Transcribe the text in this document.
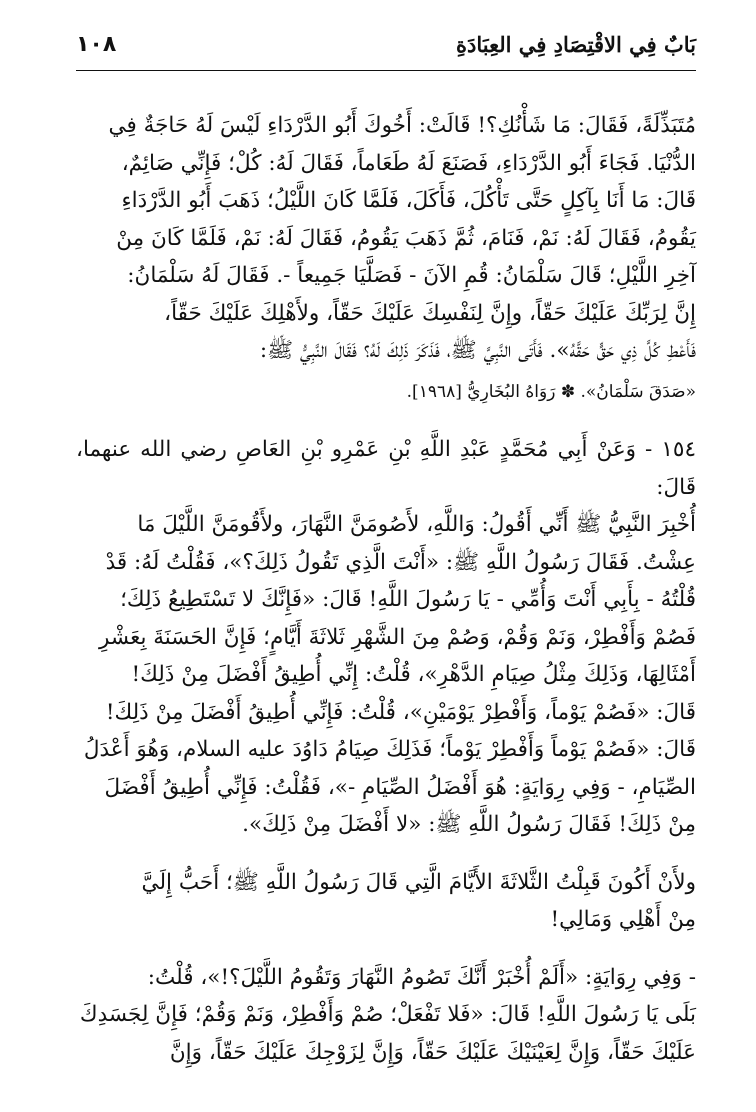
بَابٌ فِي الاقْتِصَادِ فِي العِبَادَةِ
١٠٨

مُتَبَذِّلَةً، فَقَالَ: مَا شَأْنُكِ؟! قَالَتْ: أَخُوكَ أَبُو الدَّرْدَاءِ لَيْسَ لَهُ حَاجَةٌ فِي

الدُّنْيَا. فَجَاءَ أَبُو الدَّرْدَاءِ، فَصَنَعَ لَهُ طَعَاماً، فَقَالَ لَهُ: كُلْ؛ فَإِنِّي صَائِمٌ،

قَالَ: مَا أَنَا بِآكِلٍ حَتَّى تَأْكُلَ، فَأَكَلَ، فَلَمَّا كَانَ اللَّيْلُ؛ ذَهَبَ أَبُو الدَّرْدَاءِ

يَقُومُ، فَقَالَ لَهُ: نَمْ، فَنَامَ، ثُمَّ ذَهَبَ يَقُومُ، فَقَالَ لَهُ: نَمْ، فَلَمَّا كَانَ مِنْ

آخِرِ اللَّيْلِ؛ قَالَ سَلْمَانُ: قُمِ الآنَ - فَصَلَّيَا جَمِيعاً -. فَقَالَ لَهُ سَلْمَانُ:

إِنَّ لِرَبِّكَ عَلَيْكَ حَقّاً، وإِنَّ لِنَفْسِكَ عَلَيْكَ حَقّاً، ولأَهْلِكَ عَلَيْكَ حَقّاً،

فَأَعْطِ كُلَّ ذِي حَقٍّ حَقَّهُ». فَأَتَى النَّبِيَّ ﷺ، فَذَكَرَ ذَلِكَ لَهُ؟ فَقَالَ النَّبِيُّ ﷺ:

«صَدَقَ سَلْمَانُ». ✽ رَوَاهُ البُخَارِيُّ [١٩٦٨].

١٥٤ - وَعَنْ أَبِي مُحَمَّدٍ عَبْدِ اللَّهِ بْنِ عَمْرِو بْنِ العَاصِ رضي الله عنهما، قَالَ:

أُخْبِرَ النَّبِيُّ ﷺ أَنِّي أَقُولُ: وَاللَّهِ، لأَصُومَنَّ النَّهَارَ، ولأَقُومَنَّ اللَّيْلَ مَا

عِشْتُ. فَقَالَ رَسُولُ اللَّهِ ﷺ: «أَنْتَ الَّذِي تَقُولُ ذَلِكَ؟»، فَقُلْتُ لَهُ: قَدْ

قُلْتُهُ - بِأَبِي أَنْتَ وَأُمِّي - يَا رَسُولَ اللَّهِ! قَالَ: «فَإِنَّكَ لا تَسْتَطِيعُ ذَلِكَ؛

فَصُمْ وَأَفْطِرْ، وَنَمْ وَقُمْ، وَصُمْ مِنَ الشَّهْرِ ثَلاثَةَ أَيَّامٍ؛ فَإِنَّ الحَسَنَةَ بِعَشْرِ

أَمْثَالِهَا، وَذَلِكَ مِثْلُ صِيَامِ الدَّهْرِ»، قُلْتُ: إِنِّي أُطِيقُ أَفْضَلَ مِنْ ذَلِكَ!

قَالَ: «فَصُمْ يَوْماً، وَأَفْطِرْ يَوْمَيْنِ»، قُلْتُ: فَإِنِّي أُطِيقُ أَفْضَلَ مِنْ ذَلِكَ!

قَالَ: «فَصُمْ يَوْماً وَأَفْطِرْ يَوْماً؛ فَذَلِكَ صِيَامُ دَاوُدَ عليه السلام، وَهُوَ أَعْدَلُ

الصِّيَامِ، - وَفِي رِوَايَةٍ: هُوَ أَفْضَلُ الصِّيَامِ -»، فَقُلْتُ: فَإِنِّي أُطِيقُ أَفْضَلَ

مِنْ ذَلِكَ! فَقَالَ رَسُولُ اللَّهِ ﷺ: «لا أَفْضَلَ مِنْ ذَلِكَ».

ولأَنْ أَكُونَ قَبِلْتُ الثَّلاثَةَ الأَيَّامَ الَّتِي قَالَ رَسُولُ اللَّهِ ﷺ؛ أَحَبُّ إِلَيَّ

مِنْ أَهْلِي وَمَالِي!

- وَفِي رِوَايَةٍ: «أَلَمْ أُخْبَرْ أَنَّكَ تَصُومُ النَّهَارَ وَتَقُومُ اللَّيْلَ؟!»، قُلْتُ:

بَلَى يَا رَسُولَ اللَّهِ! قَالَ: «فَلا تَفْعَلْ؛ صُمْ وَأَفْطِرْ، وَنَمْ وَقُمْ؛ فَإِنَّ لِجَسَدِكَ

عَلَيْكَ حَقّاً، وَإِنَّ لِعَيْنَيْكَ عَلَيْكَ حَقّاً، وَإِنَّ لِزَوْجِكَ عَلَيْكَ حَقّاً، وَإِنَّ
